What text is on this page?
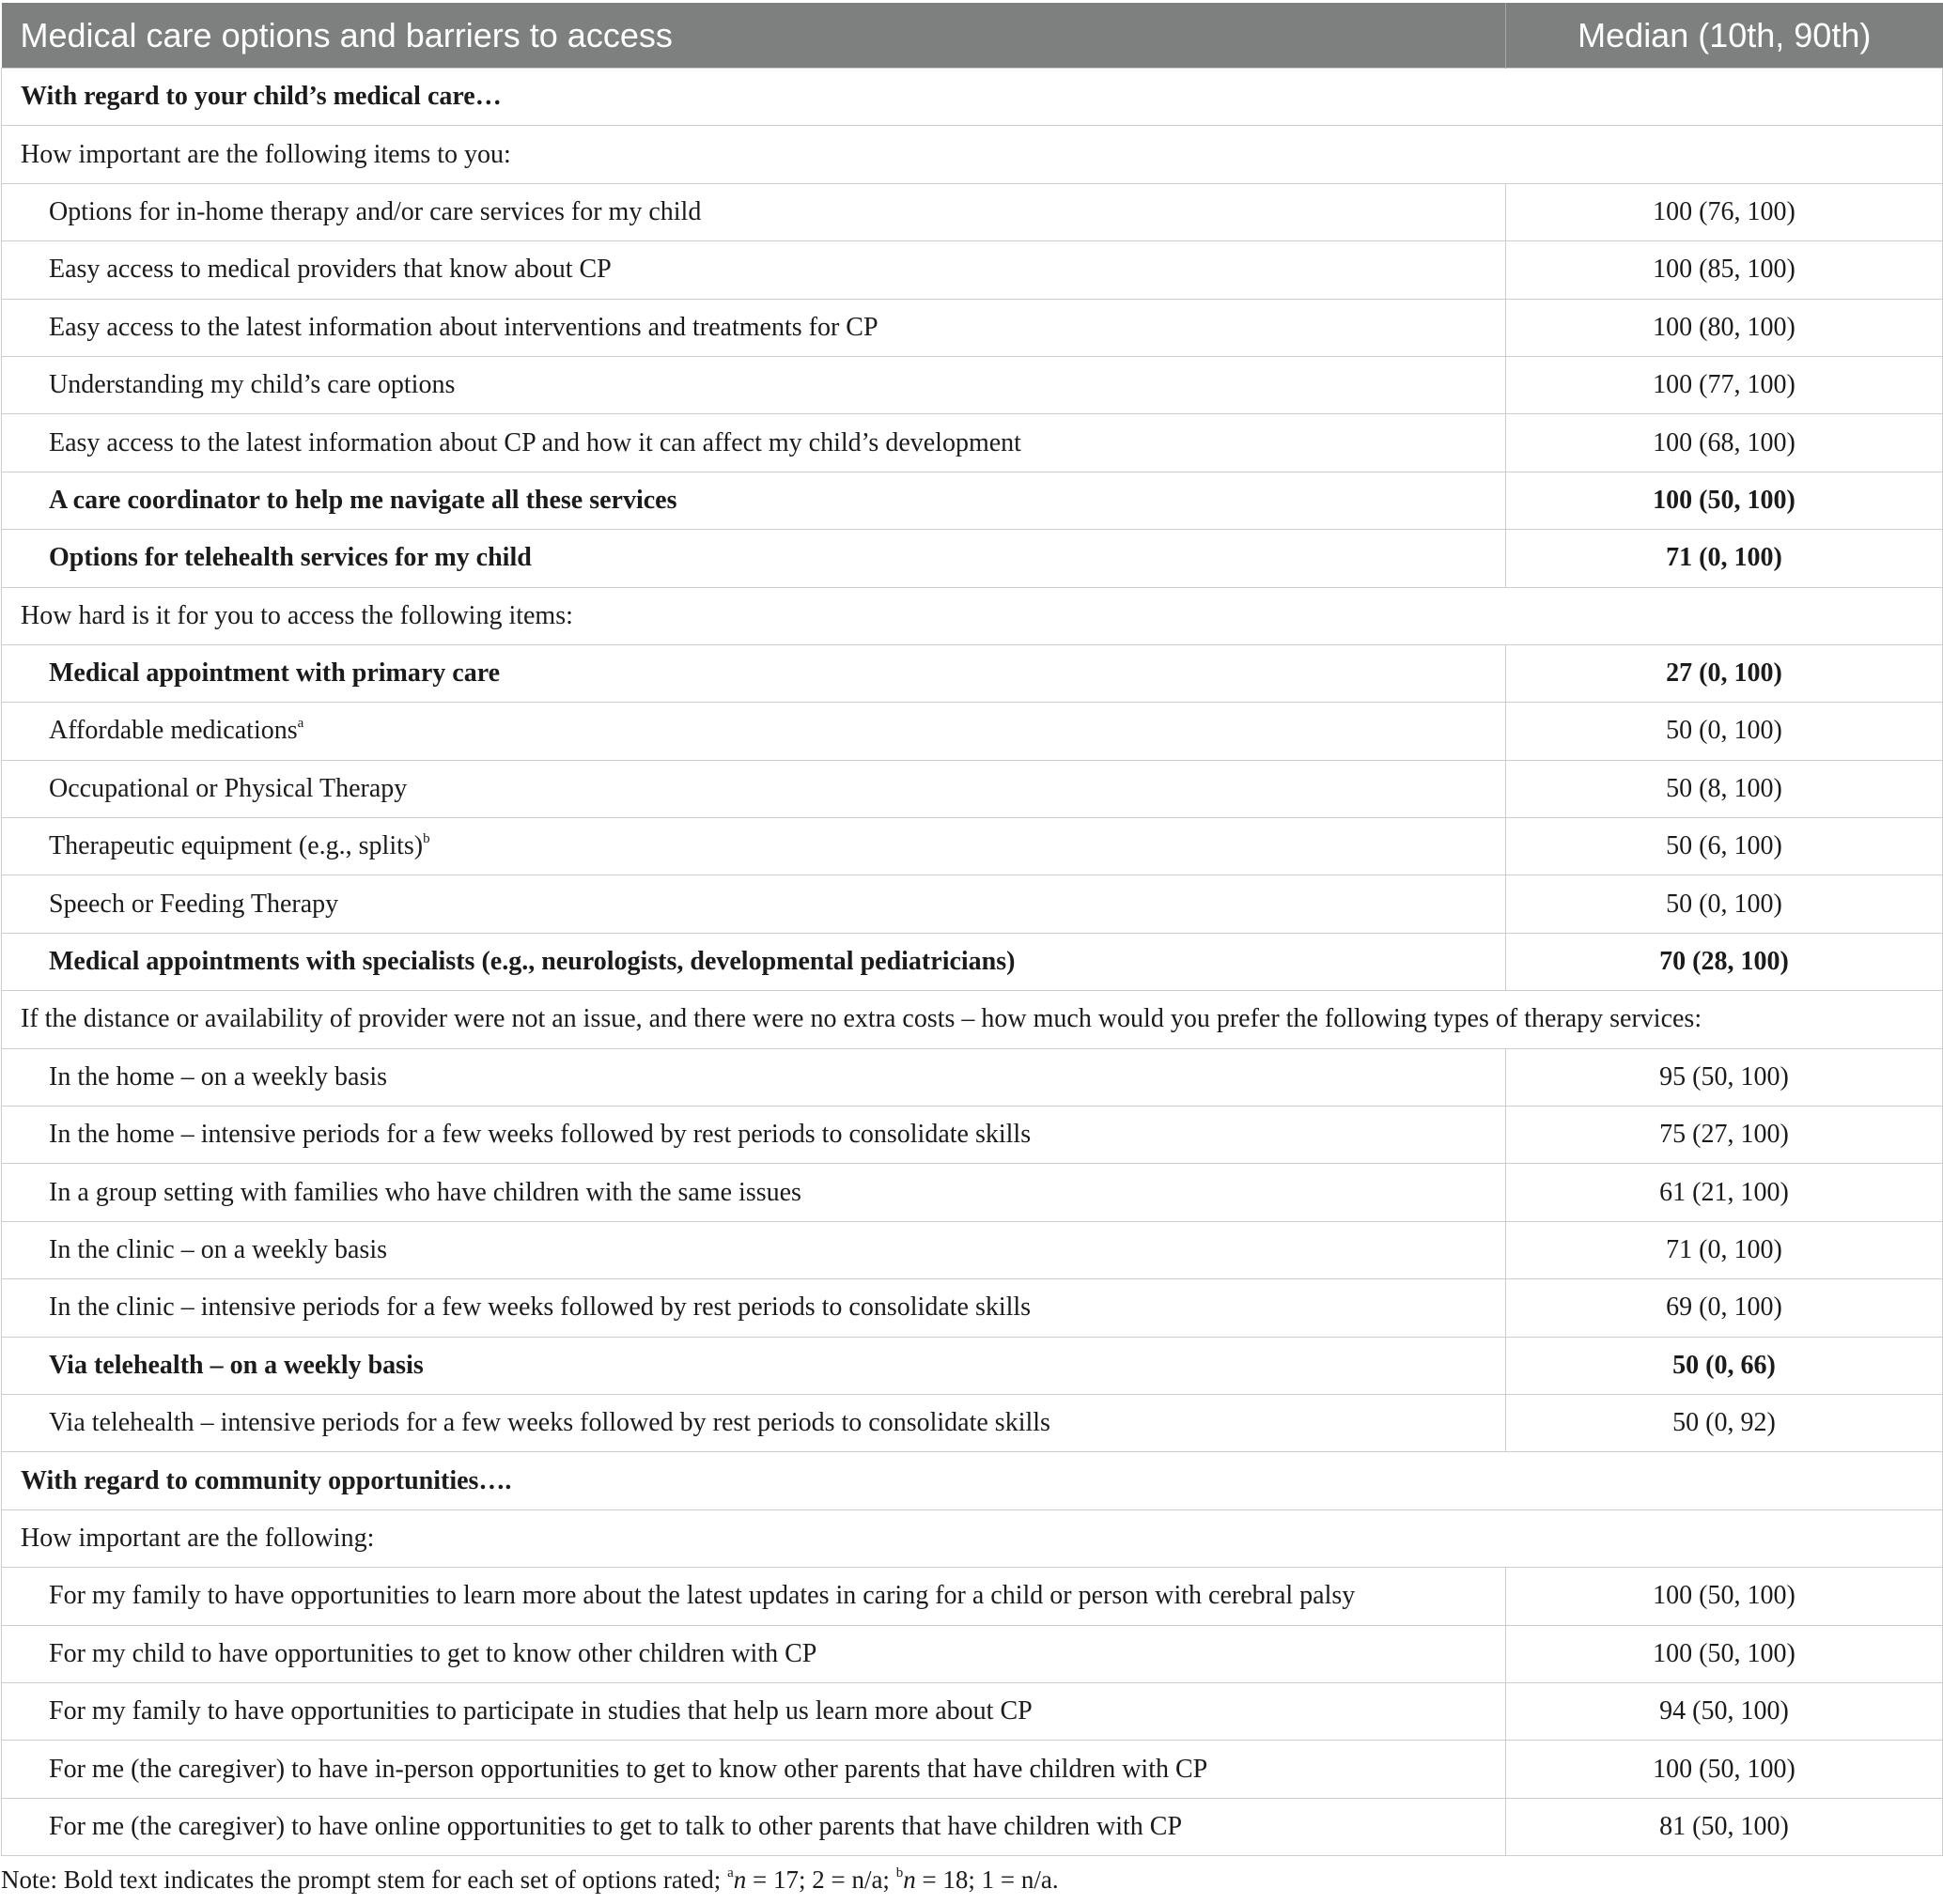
Medical care options and barriers to access	Median (10th, 90th)
With regard to your child’s medical care…	
How important are the following items to you:	
Options for in-home therapy and/or care services for my child	100 (76, 100)
Easy access to medical providers that know about CP	100 (85, 100)
Easy access to the latest information about interventions and treatments for CP	100 (80, 100)
Understanding my child’s care options	100 (77, 100)
Easy access to the latest information about CP and how it can affect my child’s development	100 (68, 100)
A care coordinator to help me navigate all these services	100 (50, 100)
Options for telehealth services for my child	71 (0, 100)
How hard is it for you to access the following items:	
Medical appointment with primary care	27 (0, 100)
Affordable medications$^a$	50 (0, 100)
Occupational or Physical Therapy	50 (8, 100)
Therapeutic equipment (e.g., splits)$^b$	50 (6, 100)
Speech or Feeding Therapy	50 (0, 100)
Medical appointments with specialists (e.g., neurologists, developmental pediatricians)	70 (28, 100)
If the distance or availability of provider were not an issue, and there were no extra costs – how much would you prefer the following types of therapy services:	
In the home – on a weekly basis	95 (50, 100)
In the home – intensive periods for a few weeks followed by rest periods to consolidate skills	75 (27, 100)
In a group setting with families who have children with the same issues	61 (21, 100)
In the clinic – on a weekly basis	71 (0, 100)
In the clinic – intensive periods for a few weeks followed by rest periods to consolidate skills	69 (0, 100)
Via telehealth – on a weekly basis	50 (0, 66)
Via telehealth – intensive periods for a few weeks followed by rest periods to consolidate skills	50 (0, 92)
With regard to community opportunities….	
How important are the following:	
For my family to have opportunities to learn more about the latest updates in caring for a child or person with cerebral palsy	100 (50, 100)
For my child to have opportunities to get to know other children with CP	100 (50, 100)
For my family to have opportunities to participate in studies that help us learn more about CP	94 (50, 100)
For me (the caregiver) to have in-person opportunities to get to know other parents that have children with CP	100 (50, 100)
For me (the caregiver) to have online opportunities to get to talk to other parents that have children with CP	81 (50, 100)
Note: Bold text indicates the prompt stem for each set of options rated; $^a$n = 17; 2 = n/a; $^b$n = 18; 1 = n/a.
